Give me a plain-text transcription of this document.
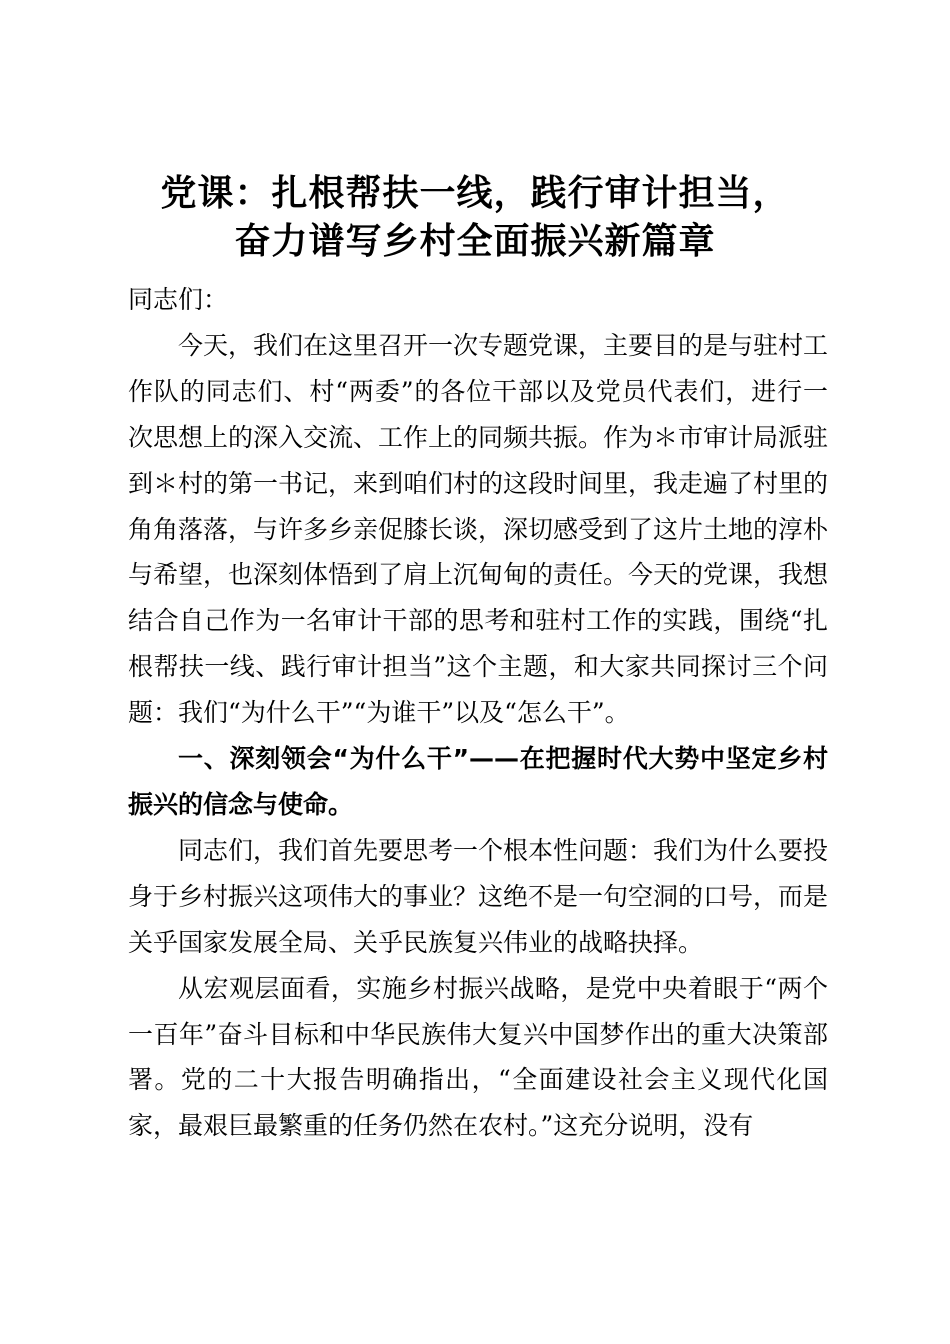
党课：扎根帮扶一线，践行审计担当，
奋力谱写乡村全面振兴新篇章

同志们：

今天，我们在这里召开一次专题党课，主要目的是与驻村工作队的同志们、村“两委”的各位干部以及党员代表们，进行一次思想上的深入交流、工作上的同频共振。作为＊市审计局派驻到＊村的第一书记，来到咱们村的这段时间里，我走遍了村里的角角落落，与许多乡亲促膝长谈，深切感受到了这片土地的淳朴与希望，也深刻体悟到了肩上沉甸甸的责任。今天的党课，我想结合自己作为一名审计干部的思考和驻村工作的实践，围绕“扎根帮扶一线、践行审计担当”这个主题，和大家共同探讨三个问题：我们“为什么干”“为谁干”以及“怎么干”。

一、深刻领会“为什么干”——在把握时代大势中坚定乡村振兴的信念与使命。

同志们，我们首先要思考一个根本性问题：我们为什么要投身于乡村振兴这项伟大的事业？这绝不是一句空洞的口号，而是关乎国家发展全局、关乎民族复兴伟业的战略抉择。

从宏观层面看，实施乡村振兴战略，是党中央着眼于“两个一百年”奋斗目标和中华民族伟大复兴中国梦作出的重大决策部署。党的二十大报告明确指出，“全面建设社会主义现代化国家，最艰巨最繁重的任务仍然在农村。”这充分说明，没有
